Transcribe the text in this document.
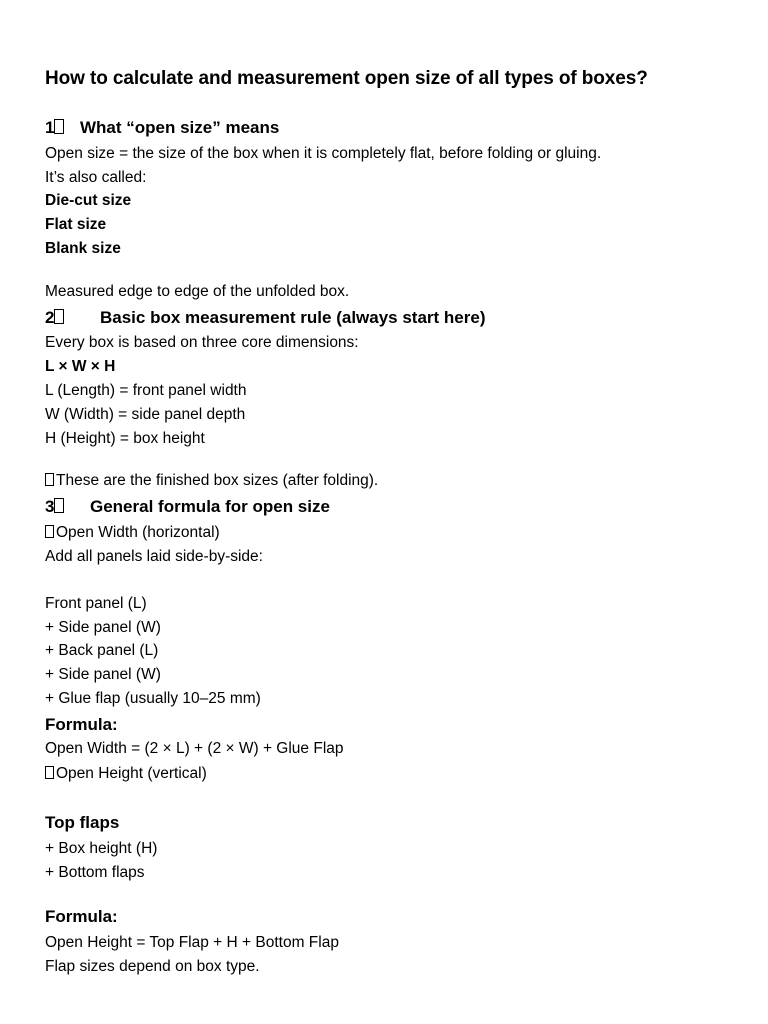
How to calculate and measurement open size of all types of boxes?
1 What “open size” means
Open size = the size of the box when it is completely flat, before folding or gluing.
It’s also called:
Die-cut size
Flat size
Blank size
Measured edge to edge of the unfolded box.
2	Basic box measurement rule (always start here)
Every box is based on three core dimensions:
L × W × H
L (Length) = front panel width
W (Width) = side panel depth
H (Height) = box height
These are the finished box sizes (after folding).
3 General formula for open size
Open Width (horizontal)
Add all panels laid side-by-side:
Front panel (L)
+ Side panel (W)
+ Back panel (L)
+ Side panel (W)
+ Glue flap (usually 10–25 mm)
Formula:
Open Width = (2 × L) + (2 × W) + Glue Flap
Open Height (vertical)
Top flaps
+ Box height (H)
+ Bottom flaps
Formula:
Open Height = Top Flap + H + Bottom Flap
Flap sizes depend on box type.
